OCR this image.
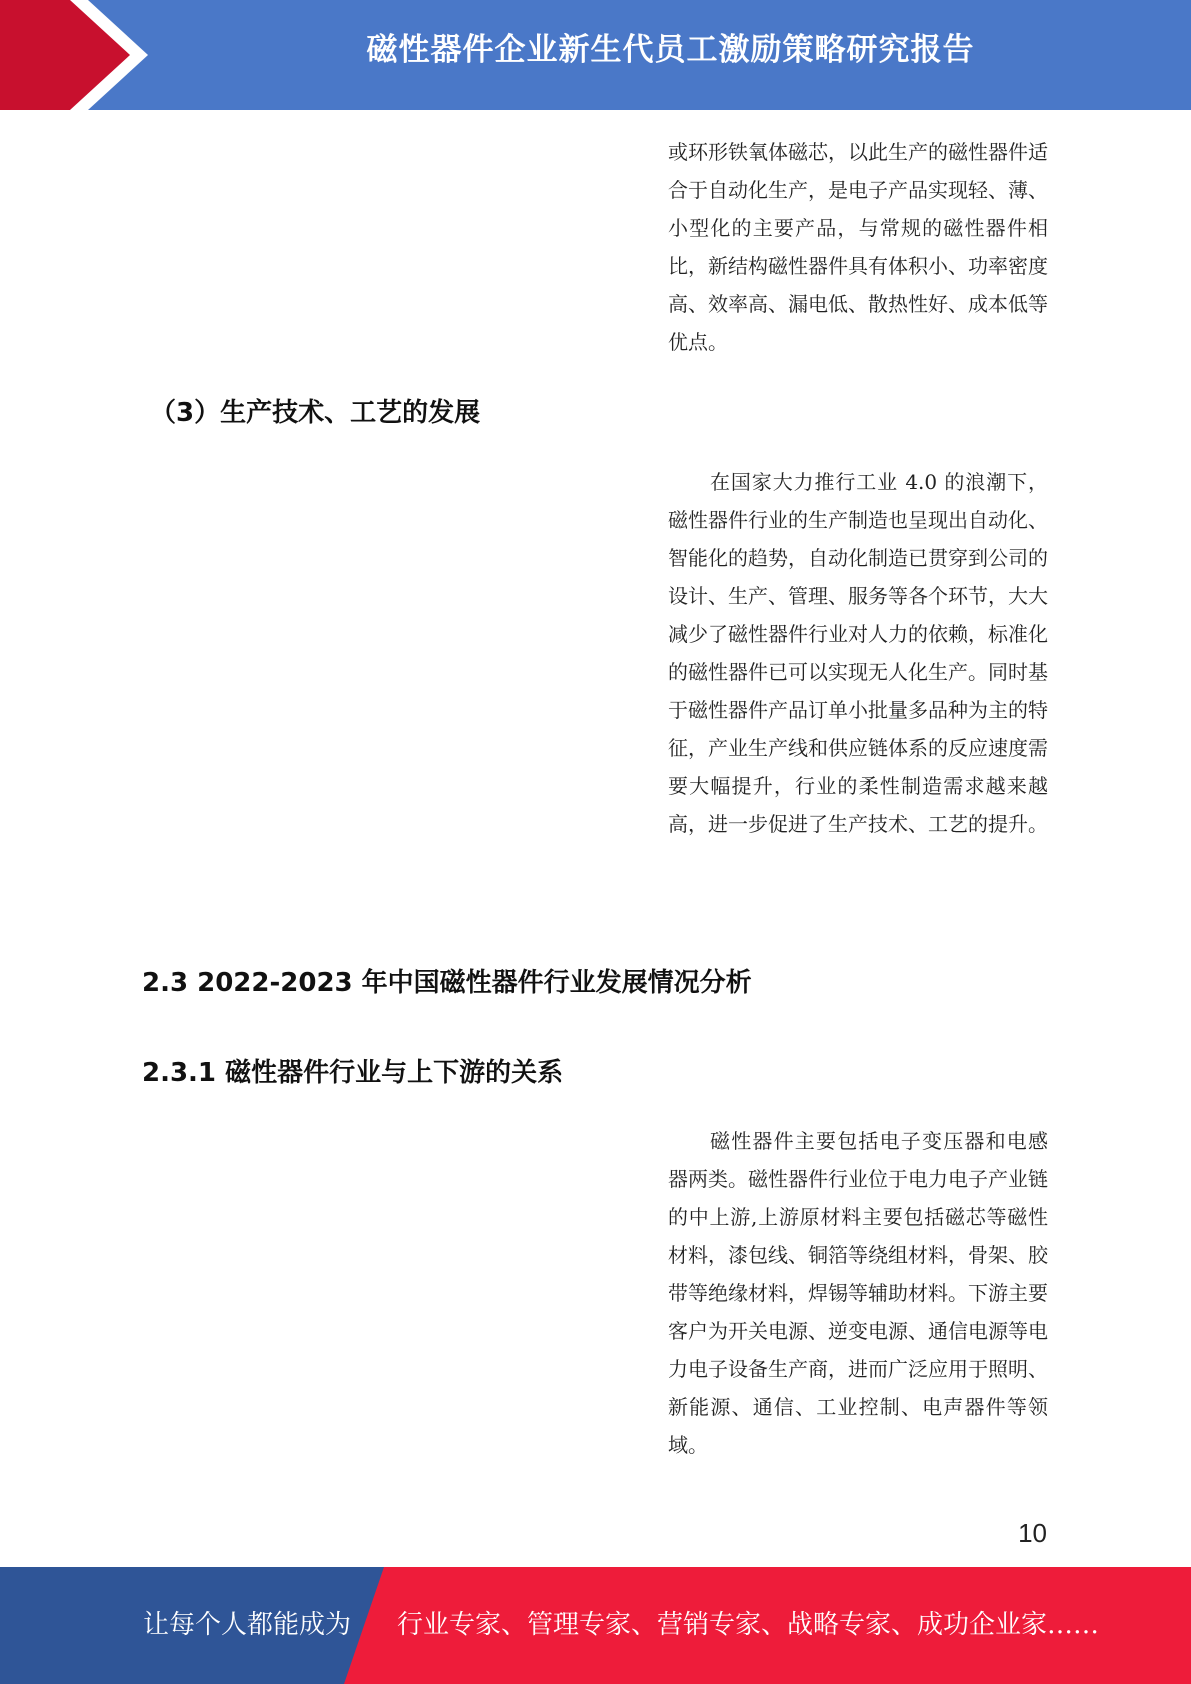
磁性器件企业新生代员工激励策略研究报告

或环形铁氧体磁芯，以此生产的磁性器件适合于自动化生产，是电子产品实现轻、薄、小型化的主要产品，与常规的磁性器件相比，新结构磁性器件具有体积小、功率密度高、效率高、漏电低、散热性好、成本低等优点。

（3）生产技术、工艺的发展

在国家大力推行工业 4.0 的浪潮下，磁性器件行业的生产制造也呈现出自动化、智能化的趋势，自动化制造已贯穿到公司的设计、生产、管理、服务等各个环节，大大减少了磁性器件行业对人力的依赖，标准化的磁性器件已可以实现无人化生产。同时基于磁性器件产品订单小批量多品种为主的特征，产业生产线和供应链体系的反应速度需要大幅提升，行业的柔性制造需求越来越高，进一步促进了生产技术、工艺的提升。

2.3 2022-2023 年中国磁性器件行业发展情况分析
2.3.1 磁性器件行业与上下游的关系

磁性器件主要包括电子变压器和电感器两类。磁性器件行业位于电力电子产业链的中上游,上游原材料主要包括磁芯等磁性材料，漆包线、铜箔等绕组材料，骨架、胶带等绝缘材料，焊锡等辅助材料。下游主要客户为开关电源、逆变电源、通信电源等电力电子设备生产商，进而广泛应用于照明、新能源、通信、工业控制、电声器件等领域。

10
让每个人都能成为 行业专家、管理专家、营销专家、战略专家、成功企业家……
